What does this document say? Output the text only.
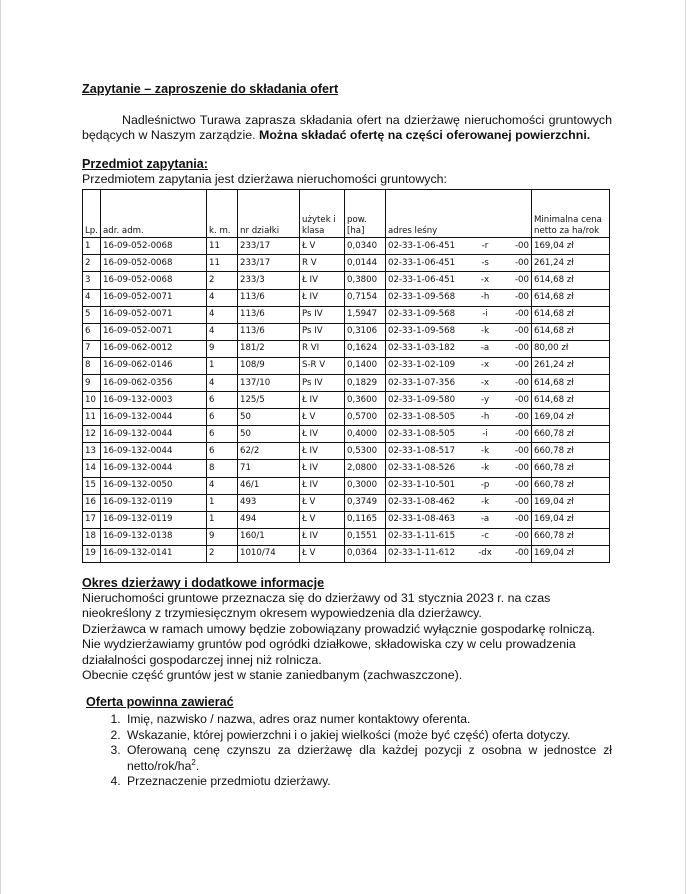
Zapytanie – zaproszenie do składania ofert

Nadleśnictwo Turawa zaprasza składania ofert na dzierżawę nieruchomości gruntowych będących w Naszym zarządzie. Można składać ofertę na części oferowanej powierzchni.

Przedmiot zapytania:

Przedmiotem zapytania jest dzierżawa nieruchomości gruntowych:

Lp.	adr. adm.	k. m.	nr działki	użytek i klasa	pow. [ha]	adres leśny	Minimalna cena netto za ha/rok
1	16-09-052-0068	11	233/17	Ł V	0,0340	02-33-1-06-451 -r -00	169,04 zł
2	16-09-052-0068	11	233/17	R V	0,0144	02-33-1-06-451 -s -00	261,24 zł
3	16-09-052-0068	2	233/3	Ł IV	0,3800	02-33-1-06-451 -x -00	614,68 zł
4	16-09-052-0071	4	113/6	Ł IV	0,7154	02-33-1-09-568 -h -00	614,68 zł
5	16-09-052-0071	4	113/6	Ps IV	1,5947	02-33-1-09-568 -i -00	614,68 zł
6	16-09-052-0071	4	113/6	Ps IV	0,3106	02-33-1-09-568 -k -00	614,68 zł
7	16-09-062-0012	9	181/2	R VI	0,1624	02-33-1-03-182 -a -00	80,00 zł
8	16-09-062-0146	1	108/9	S-R V	0,1400	02-33-1-02-109 -x -00	261,24 zł
9	16-09-062-0356	4	137/10	Ps IV	0,1829	02-33-1-07-356 -x -00	614,68 zł
10	16-09-132-0003	6	125/5	Ł IV	0,3600	02-33-1-09-580 -y -00	614,68 zł
11	16-09-132-0044	6	50	Ł V	0,5700	02-33-1-08-505 -h -00	169,04 zł
12	16-09-132-0044	6	50	Ł IV	0,4000	02-33-1-08-505 -i -00	660,78 zł
13	16-09-132-0044	6	62/2	Ł IV	0,5300	02-33-1-08-517 -k -00	660,78 zł
14	16-09-132-0044	8	71	Ł IV	2,0800	02-33-1-08-526 -k -00	660,78 zł
15	16-09-132-0050	4	46/1	Ł IV	0,3000	02-33-1-10-501 -p -00	660,78 zł
16	16-09-132-0119	1	493	Ł V	0,3749	02-33-1-08-462 -k -00	169,04 zł
17	16-09-132-0119	1	494	Ł V	0,1165	02-33-1-08-463 -a -00	169,04 zł
18	16-09-132-0138	9	160/1	Ł IV	0,1551	02-33-1-11-615 -c -00	660,78 zł
19	16-09-132-0141	2	1010/74	Ł V	0,0364	02-33-1-11-612 -dx -00	169,04 zł
Okres dzierżawy i dodatkowe informacje

Nieruchomości gruntowe przeznacza się do dzierżawy od 31 stycznia 2023 r. na czas nieokreślony z trzymiesięcznym okresem wypowiedzenia dla dzierżawcy.

Dzierżawca w ramach umowy będzie zobowiązany prowadzić wyłącznie gospodarkę rolniczą. Nie wydzierżawiamy gruntów pod ogródki działkowe, składowiska czy w celu prowadzenia działalności gospodarczej innej niż rolnicza.

Obecnie część gruntów jest w stanie zaniedbanym (zachwaszczone).

Oferta powinna zawierać
1. Imię, nazwisko / nazwa, adres oraz numer kontaktowy oferenta.
2. Wskazanie, której powierzchni i o jakiej wielkości (może być część) oferta dotyczy.
3. Oferowaną cenę czynszu za dzierżawę dla każdej pozycji z osobna w jednostce zł netto/$rok/ha^2$.
4. Przeznaczenie przedmiotu dzierżawy.
